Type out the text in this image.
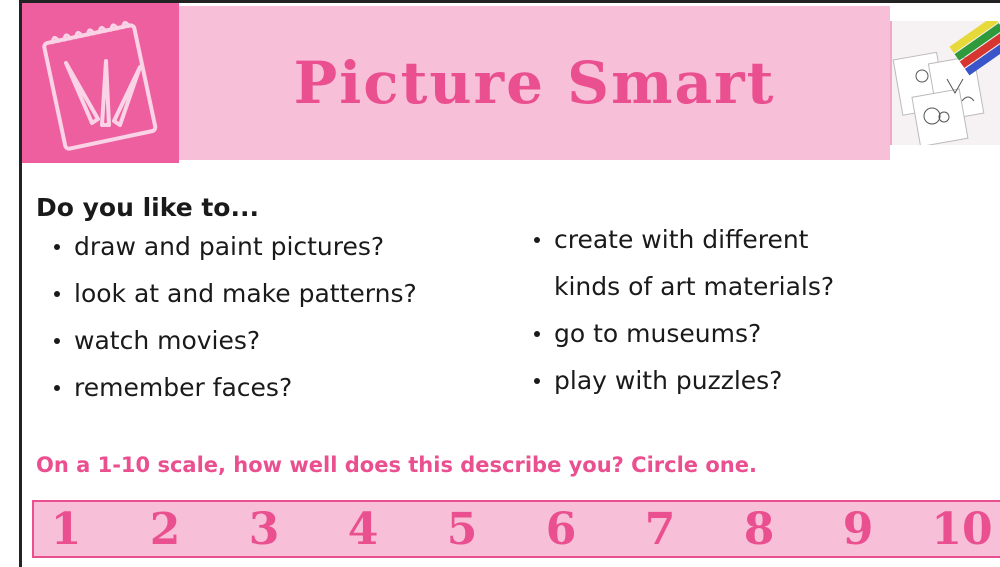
Picture Smart
Do you like to...
draw and paint pictures?
look at and make patterns?
watch movies?
remember faces?
create with different
kinds of art materials?
go to museums?
play with puzzles?
On a 1-10 scale, how well does this describe you? Circle one.
1 2 3 4 5 6 7 8 9 10
